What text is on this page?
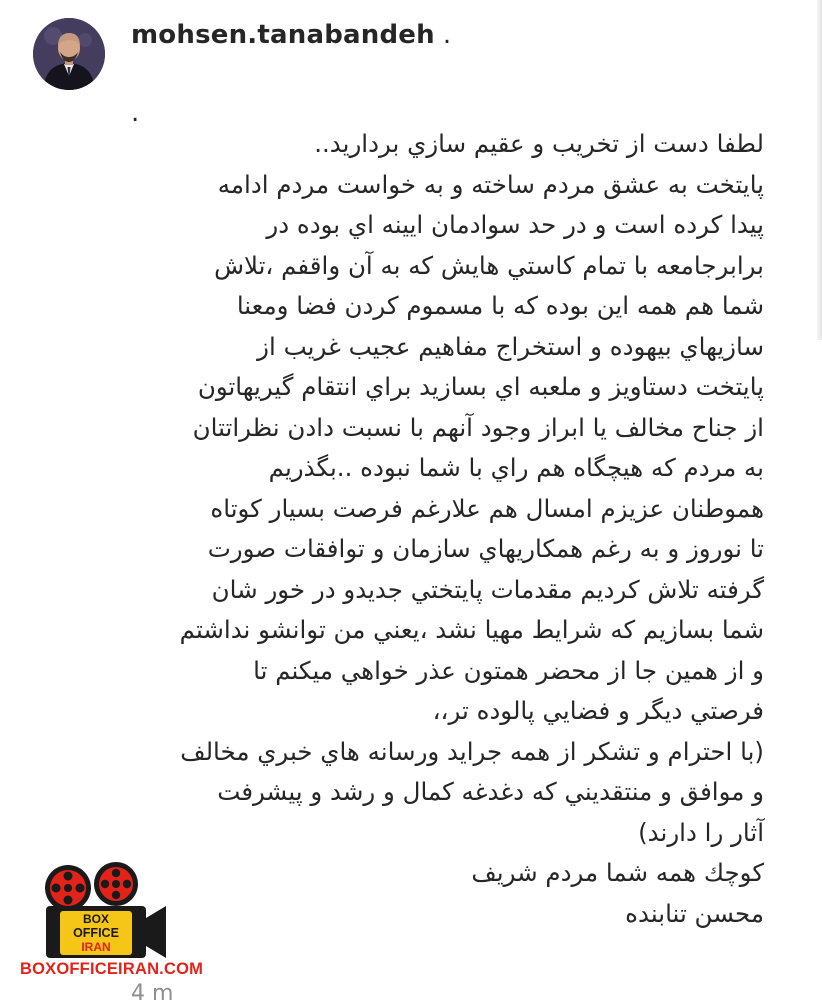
mohsen.tanabandeh .
.
لطفا دست از تخريب و عقيم سازي برداريد..
پايتخت به عشق مردم ساخته و به خواست مردم ادامه
پيدا كرده است و در حد سوادمان ايينه اي بوده در
برابرجامعه با تمام كاستي هايش كه به آن واقفم ،تلاش
شما هم همه اين بوده كه با مسموم كردن فضا ومعنا
سازيهاي بيهوده و استخراج مفاهيم عجيب غريب از
پايتخت دستاويز و ملعبه اي بسازيد براي انتقام گيريهاتون
از جناح مخالف يا ابراز وجود آنهم با نسبت دادن نظراتتان
به مردم كه هيچگاه هم راي با شما نبوده ..بگذريم
هموطنان عزيزم امسال هم علارغم فرصت بسيار كوتاه
تا نوروز و به رغم همكاريهاي سازمان و توافقات صورت
گرفته تلاش كرديم مقدمات پايتختي جديدو در خور شان
شما بسازيم كه شرايط مهيا نشد ،يعني من توانشو نداشتم
و از همين جا از محضر همتون عذر خواهي ميكنم تا
فرصتي ديگر و فضايي پالوده تر،،
(با احترام و تشكر از همه جرايد ورسانه هاي خبري مخالف
و موافق و منتقديني كه دغدغه كمال و رشد و پيشرفت
آثار را دارند)
كوچك همه شما مردم شريف
محسن تنابنده
4 m
BOX
OFFICE
IRAN
BOXOFFICEIRAN.COM
